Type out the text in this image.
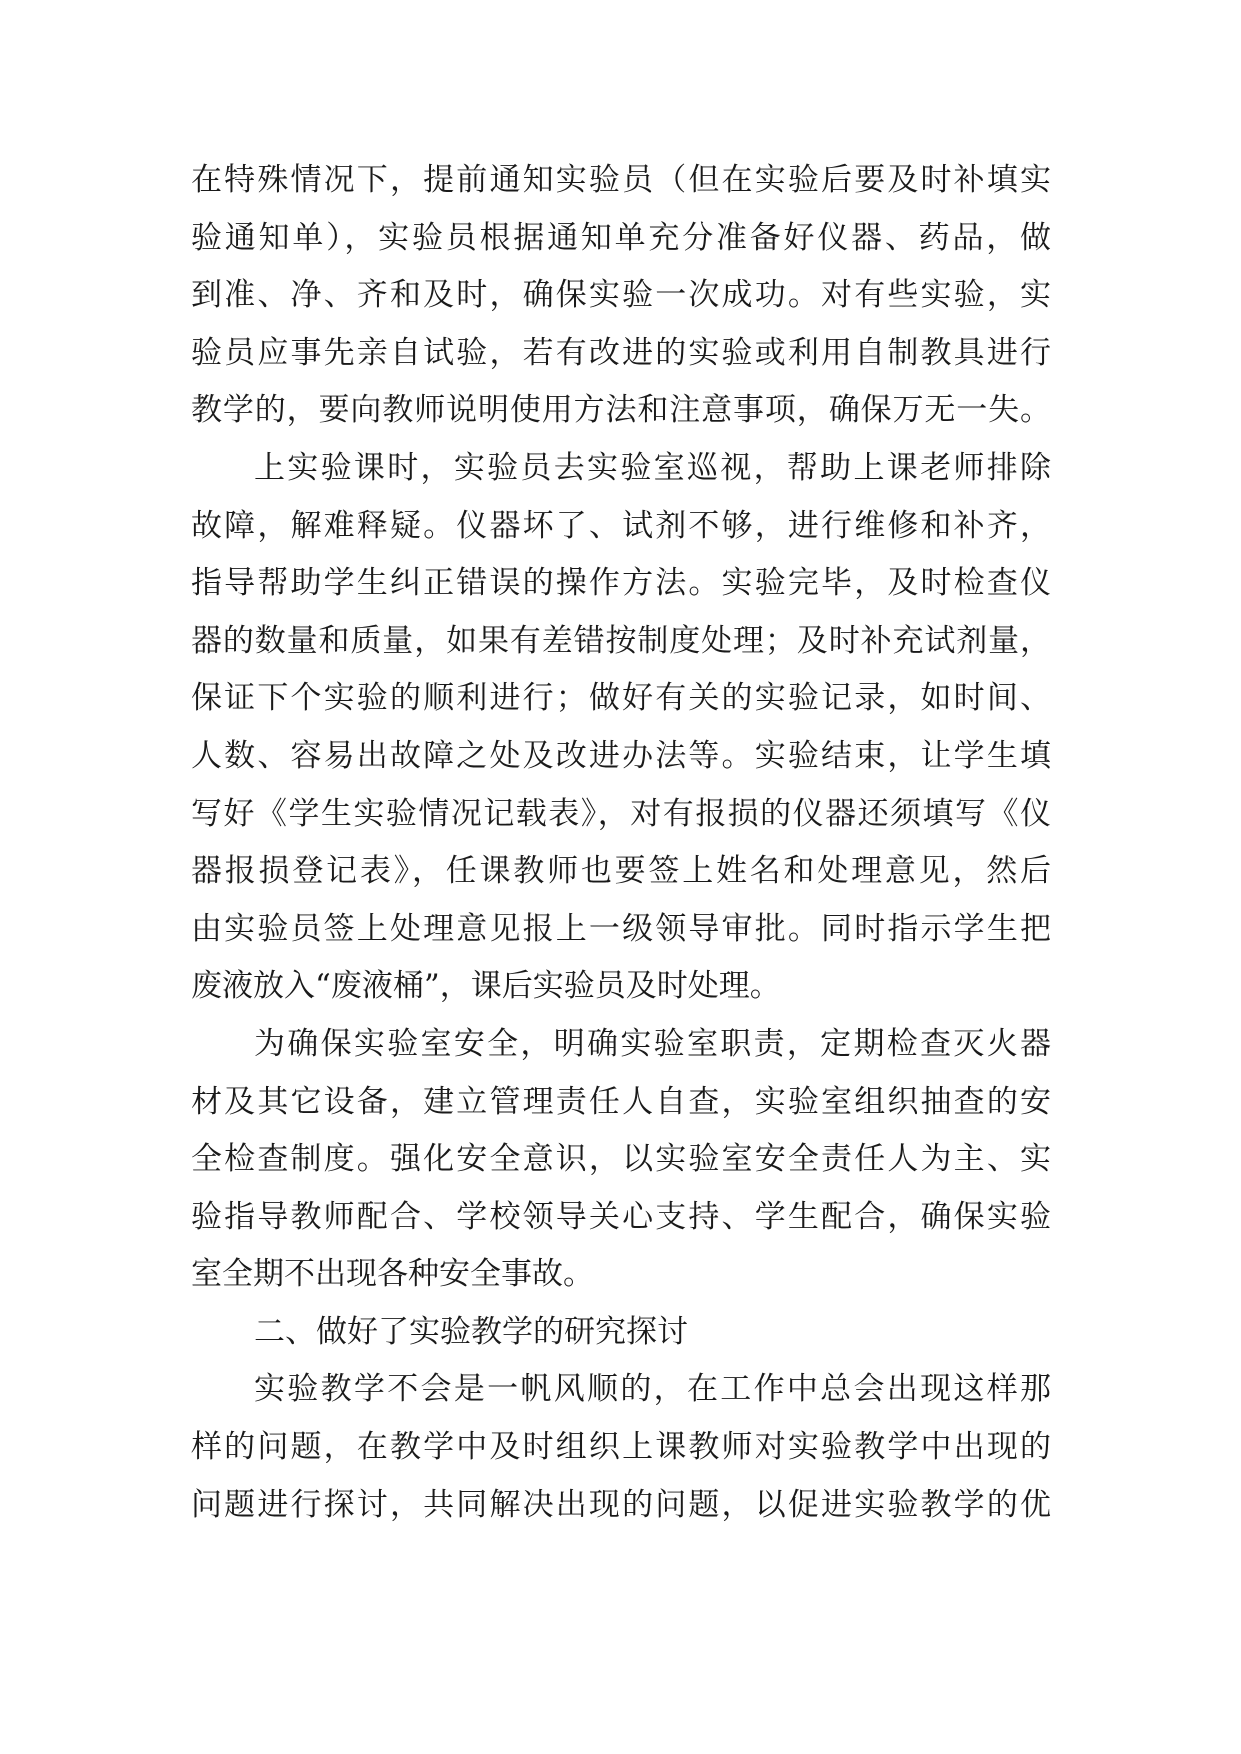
在特殊情况下，提前通知实验员（但在实验后要及时补填实
验通知单），实验员根据通知单充分准备好仪器、药品，做
到准、净、齐和及时，确保实验一次成功。对有些实验，实
验员应事先亲自试验，若有改进的实验或利用自制教具进行
教学的，要向教师说明使用方法和注意事项，确保万无一失。
上实验课时，实验员去实验室巡视，帮助上课老师排除
故障，解难释疑。仪器坏了、试剂不够，进行维修和补齐，
指导帮助学生纠正错误的操作方法。实验完毕，及时检查仪
器的数量和质量，如果有差错按制度处理；及时补充试剂量，
保证下个实验的顺利进行；做好有关的实验记录，如时间、
人数、容易出故障之处及改进办法等。实验结束，让学生填
写好《学生实验情况记载表》，对有报损的仪器还须填写《仪
器报损登记表》，任课教师也要签上姓名和处理意见，然后
由实验员签上处理意见报上一级领导审批。同时指示学生把
废液放入“废液桶”，课后实验员及时处理。
为确保实验室安全，明确实验室职责，定期检查灭火器
材及其它设备，建立管理责任人自查，实验室组织抽查的安
全检查制度。强化安全意识，以实验室安全责任人为主、实
验指导教师配合、学校领导关心支持、学生配合，确保实验
室全期不出现各种安全事故。
二、做好了实验教学的研究探讨
实验教学不会是一帆风顺的，在工作中总会出现这样那
样的问题，在教学中及时组织上课教师对实验教学中出现的
问题进行探讨，共同解决出现的问题，以促进实验教学的优
